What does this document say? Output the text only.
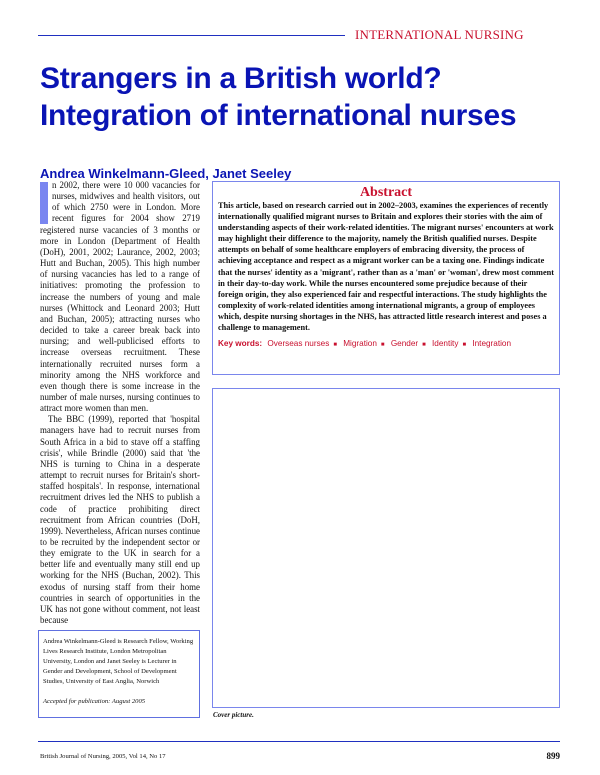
INTERNATIONAL NURSING
Strangers in a British world?
Integration of international nurses
Andrea Winkelmann-Gleed, Janet Seeley

n 2002, there were 10 000 vacancies for nurses, midwives and health visitors, out of which 2750 were in London. More recent figures for 2004 show 2719 registered nurse vacancies of 3 months or more in London (Department of Health (DoH), 2001, 2002; Laurance, 2002, 2003; Hutt and Buchan, 2005). This high number of nursing vacancies has led to a range of initiatives: promoting the profession to increase the numbers of young and male nurses (Whittock and Leonard 2003; Hutt and Buchan, 2005); attracting nurses who decided to take a career break back into nursing; and well-publicised efforts to increase overseas recruitment. These internationally recruited nurses form a minority among the NHS workforce and even though there is some increase in the number of male nurses, nursing continues to attract more women than men.

The BBC (1999), reported that 'hospital managers have had to recruit nurses from South Africa in a bid to stave off a staffing crisis', while Brindle (2000) said that 'the NHS is turning to China in a desperate attempt to recruit nurses for Britain's short-staffed hospitals'. In response, international recruitment drives led the NHS to publish a code of practice prohibiting direct recruitment from African countries (DoH, 1999). Nevertheless, African nurses continue to be recruited by the independent sector or they emigrate to the UK in search for a better life and eventually many still end up working for the NHS (Buchan, 2002). This exodus of nursing staff from their home countries in search of opportunities in the UK has not gone without comment, not least because

Abstract
This article, based on research carried out in 2002–2003, examines the experiences of recently internationally qualified migrant nurses to Britain and explores their stories with the aim of understanding aspects of their work-related identities. The migrant nurses' encounters at work may highlight their difference to the majority, namely the British qualified nurses. Despite attempts on behalf of some healthcare employers of embracing diversity, the process of achieving acceptance and respect as a migrant worker can be a taxing one. Findings indicate that the nurses' identity as a 'migrant', rather than as a 'man' or 'woman', drew most comment in their day-to-day work. While the nurses encountered some prejudice because of their foreign origin, they also experienced fair and respectful interactions. The study highlights the complexity of work-related identities among international migrants, a group of employees which, despite nursing shortages in the NHS, has attracted little research interest and poses a challenge to management.
Key words: Overseas nurses ■ Migration ■ Gender ■ Identity ■ Integration
Cover picture.
Andrea Winkelmann-Gleed is Research Fellow, Working Lives Research Institute, London Metropolitan University, London and Janet Seeley is Lecturer in Gender and Development, School of Development Studies, University of East Anglia, Norwich
Accepted for publication: August 2005
British Journal of Nursing, 2005, Vol 14, No 17	899
